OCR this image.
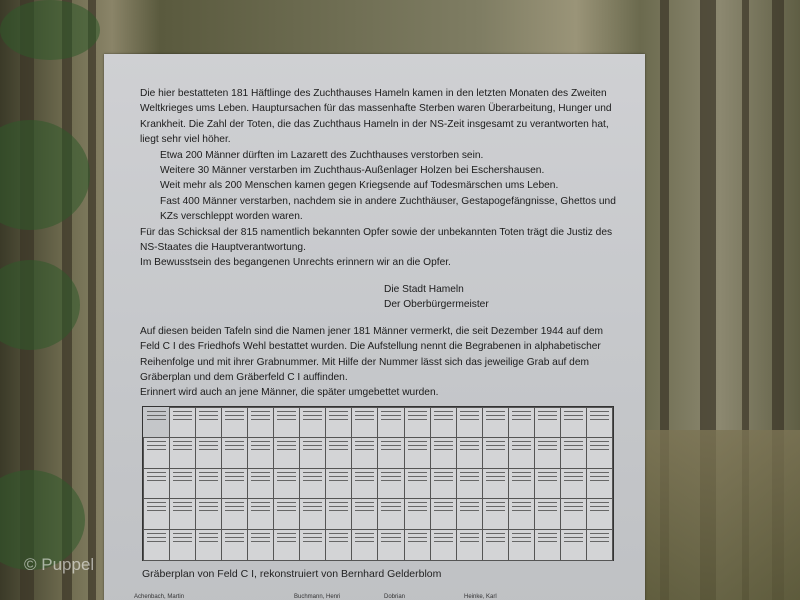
Die hier bestatteten 181 Häftlinge des Zuchthauses Hameln kamen in den letzten Monaten des Zweiten Weltkrieges ums Leben. Hauptursachen für das massenhafte Sterben waren Überarbeitung, Hunger und Krankheit. Die Zahl der Toten, die das Zuchthaus Hameln in der NS-Zeit insgesamt zu verantworten hat, liegt sehr viel höher.

Etwa 200 Männer dürften im Lazarett des Zuchthauses verstorben sein.

Weitere 30 Männer verstarben im Zuchthaus-Außenlager Holzen bei Eschershausen.

Weit mehr als 200 Menschen kamen gegen Kriegsende auf Todesmärschen ums Leben.

Fast 400 Männer verstarben, nachdem sie in andere Zuchthäuser, Gestapogefängnisse, Ghettos und KZs verschleppt worden waren.

Für das Schicksal der 815 namentlich bekannten Opfer sowie der unbekannten Toten trägt die Justiz des NS-Staates die Hauptverantwortung.

Im Bewusstsein des begangenen Unrechts erinnern wir an die Opfer.

Die Stadt Hameln

Der Oberbürgermeister

Auf diesen beiden Tafeln sind die Namen jener 181 Männer vermerkt, die seit Dezember 1944 auf dem Feld C I des Friedhofs Wehl bestattet wurden. Die Aufstellung nennt die Begrabenen in alphabetischer Reihenfolge und mit ihrer Grabnummer. Mit Hilfe der Nummer lässt sich das jeweilige Grab auf dem Gräberplan und dem Gräberfeld C I auffinden.

Erinnert wird auch an jene Männer, die später umgebettet wurden.

Gräberplan von Feld C I, rekonstruiert von Bernhard Gelderblom
Achenbach, Martin	Buchmann, Henri	Dobrian	Heinke, Karl
© Puppel
